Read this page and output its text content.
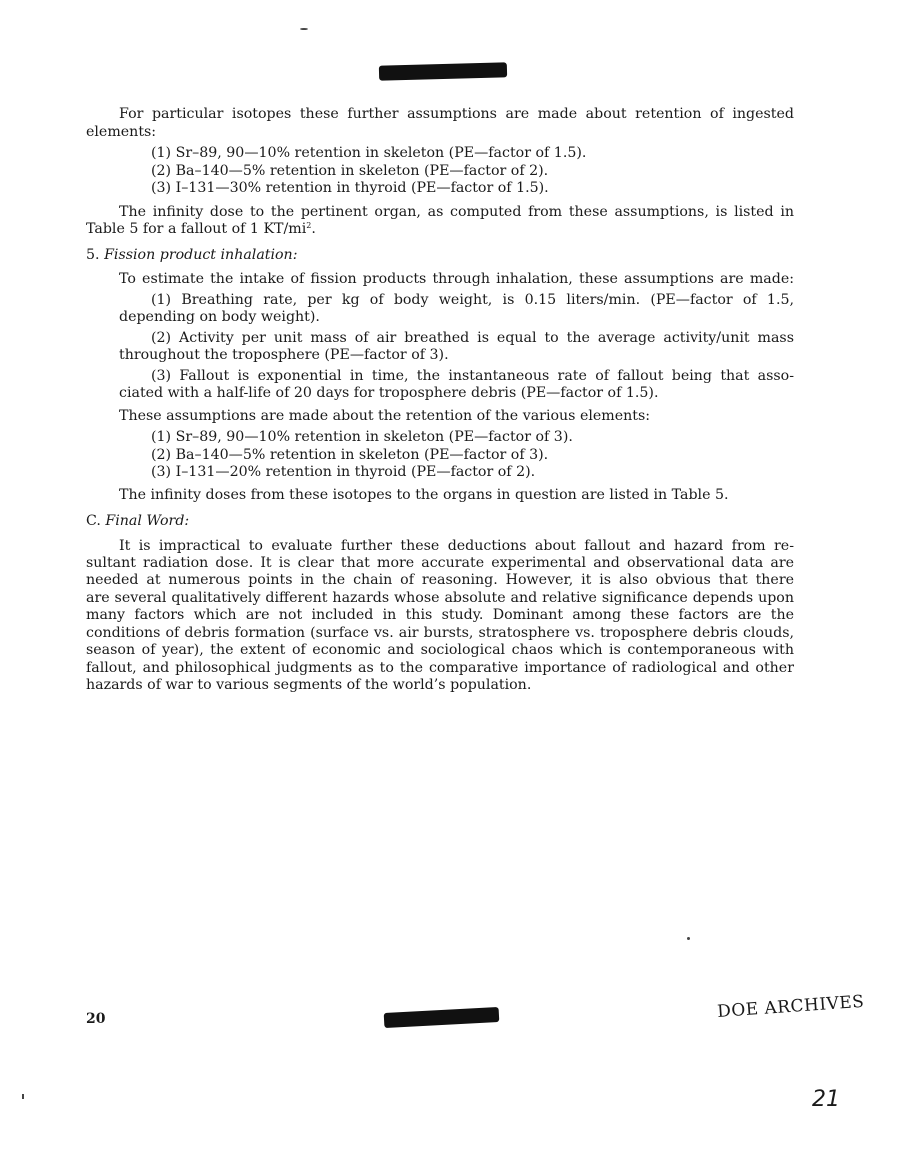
For particular isotopes these further assumptions are made about retention of ingested

elements:

(1) Sr–89, 90—10% retention in skeleton (PE—factor of 1.5).

(2) Ba–140—5% retention in skeleton (PE—factor of 2).

(3) I–131—30% retention in thyroid (PE—factor of 1.5).

The infinity dose to the pertinent organ, as computed from these assumptions, is listed in

Table 5 for a fallout of 1 $KT/mi^2$.

5. Fission product inhalation:

To estimate the intake of fission products through inhalation, these assumptions are made:

(1) Breathing rate, per kg of body weight, is 0.15 liters/min. (PE—factor of 1.5,

depending on body weight).

(2) Activity per unit mass of air breathed is equal to the average activity/unit mass

throughout the troposphere (PE—factor of 3).

(3) Fallout is exponential in time, the instantaneous rate of fallout being that asso-

ciated with a half-life of 20 days for troposphere debris (PE—factor of 1.5).

These assumptions are made about the retention of the various elements:

(1) Sr–89, 90—10% retention in skeleton (PE—factor of 3).

(2) Ba–140—5% retention in skeleton (PE—factor of 3).

(3) I–131—20% retention in thyroid (PE—factor of 2).

The infinity doses from these isotopes to the organs in question are listed in Table 5.

C. Final Word:

It is impractical to evaluate further these deductions about fallout and hazard from re-

sultant radiation dose. It is clear that more accurate experimental and observational data are

needed at numerous points in the chain of reasoning. However, it is also obvious that there

are several qualitatively different hazards whose absolute and relative significance depends upon

many factors which are not included in this study. Dominant among these factors are the

conditions of debris formation (surface vs. air bursts, stratosphere vs. troposphere debris clouds,

season of year), the extent of economic and sociological chaos which is contemporaneous with

fallout, and philosophical judgments as to the comparative importance of radiological and other

hazards of war to various segments of the world’s population.

20	DOE ARCHIVES
21
